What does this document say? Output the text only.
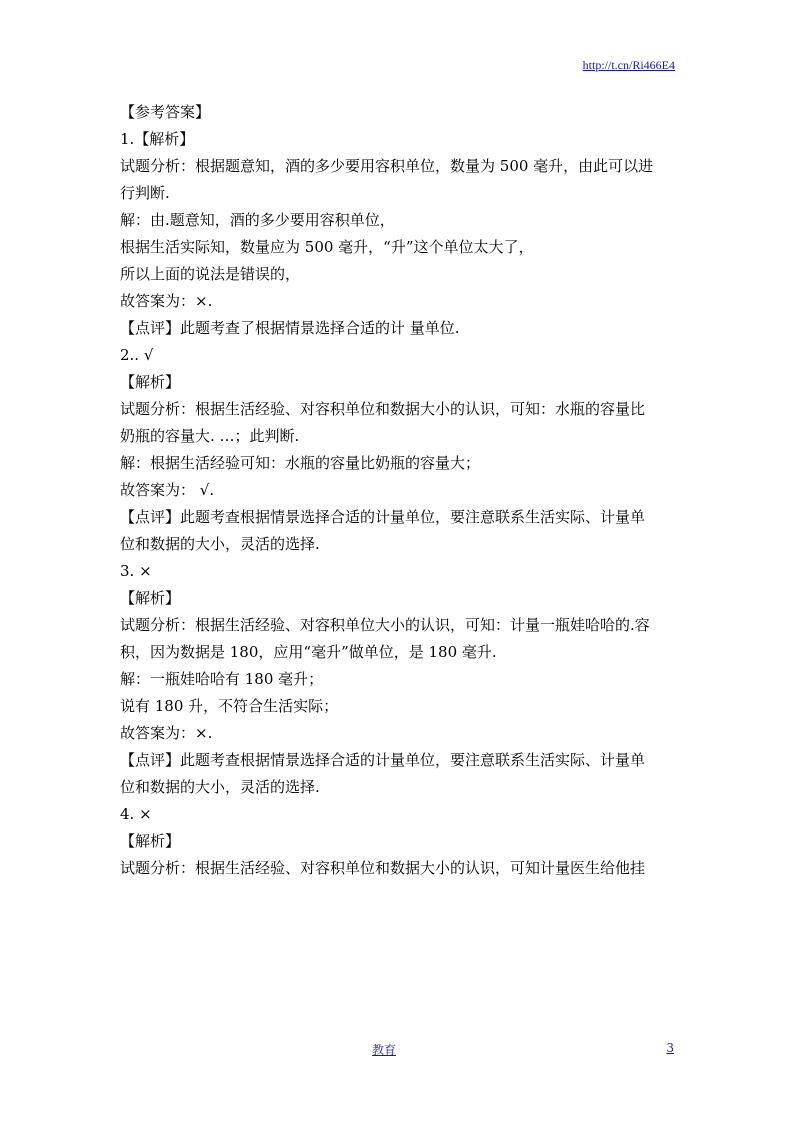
http://t.cn/Ri466E4
【参考答案】
1.【解析】
试题分析：根据题意知，酒的多少要用容积单位，数量为 500 毫升，由此可以进
行判断.
解：由.题意知，酒的多少要用容积单位，
根据生活实际知，数量应为 500 毫升，“升”这个单位太大了，
所以上面的说法是错误的，
故答案为：×.
【点评】此题考查了根据情景选择合适的计 量单位.
2.. √
【解析】
试题分析：根据生活经验、对容积单位和数据大小的认识，可知：水瓶的容量比
奶瓶的容量大. …；此判断.
解：根据生活经验可知：水瓶的容量比奶瓶的容量大；
故答案为： √.
【点评】此题考查根据情景选择合适的计量单位，要注意联系生活实际、计量单
位和数据的大小，灵活的选择.
3. ×
【解析】
试题分析：根据生活经验、对容积单位大小的认识，可知：计量一瓶娃哈哈的.容
积，因为数据是 180，应用“毫升”做单位，是 180 毫升.
解：一瓶娃哈哈有 180 毫升；
说有 180 升，不符合生活实际；
故答案为：×.
【点评】此题考查根据情景选择合适的计量单位，要注意联系生活实际、计量单
位和数据的大小，灵活的选择.
4. ×
【解析】
试题分析：根据生活经验、对容积单位和数据大小的认识，可知计量医生给他挂
教育	3
